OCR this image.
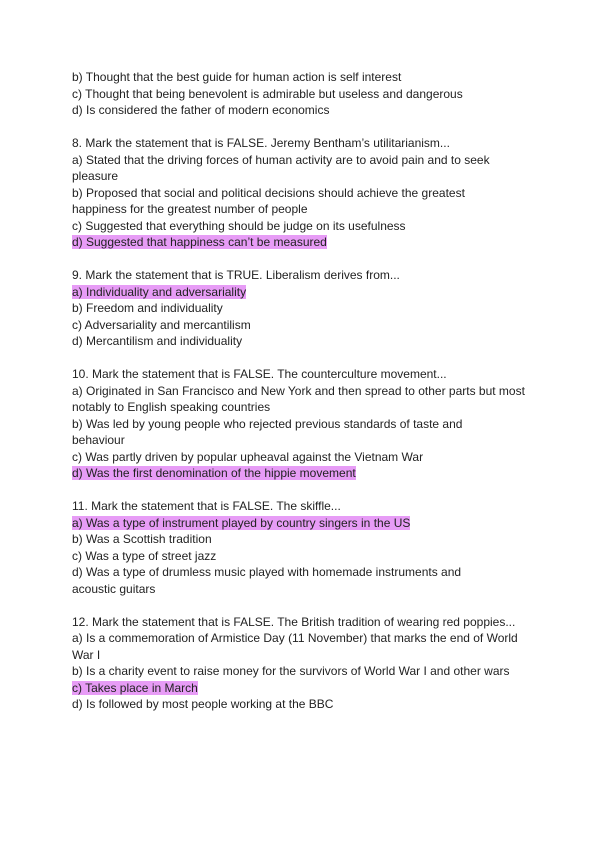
b) Thought that the best guide for human action is self interest
c) Thought that being benevolent is admirable but useless and dangerous
d) Is considered the father of modern economics
8. Mark the statement that is FALSE. Jeremy Bentham’s utilitarianism...
a) Stated that the driving forces of human activity are to avoid pain and to seek
pleasure
b) Proposed that social and political decisions should achieve the greatest
happiness for the greatest number of people
c) Suggested that everything should be judge on its usefulness
d) Suggested that happiness can’t be measured
9. Mark the statement that is TRUE. Liberalism derives from...
a) Individuality and adversariality
b) Freedom and individuality
c) Adversariality and mercantilism
d) Mercantilism and individuality
10. Mark the statement that is FALSE. The counterculture movement...
a) Originated in San Francisco and New York and then spread to other parts but most
notably to English speaking countries
b) Was led by young people who rejected previous standards of taste and
behaviour
c) Was partly driven by popular upheaval against the Vietnam War
d) Was the first denomination of the hippie movement
11. Mark the statement that is FALSE. The skiffle...
a) Was a type of instrument played by country singers in the US
b) Was a Scottish tradition
c) Was a type of street jazz
d) Was a type of drumless music played with homemade instruments and
acoustic guitars
12. Mark the statement that is FALSE. The British tradition of wearing red poppies...
a) Is a commemoration of Armistice Day (11 November) that marks the end of World
War I
b) Is a charity event to raise money for the survivors of World War I and other wars
c) Takes place in March
d) Is followed by most people working at the BBC
